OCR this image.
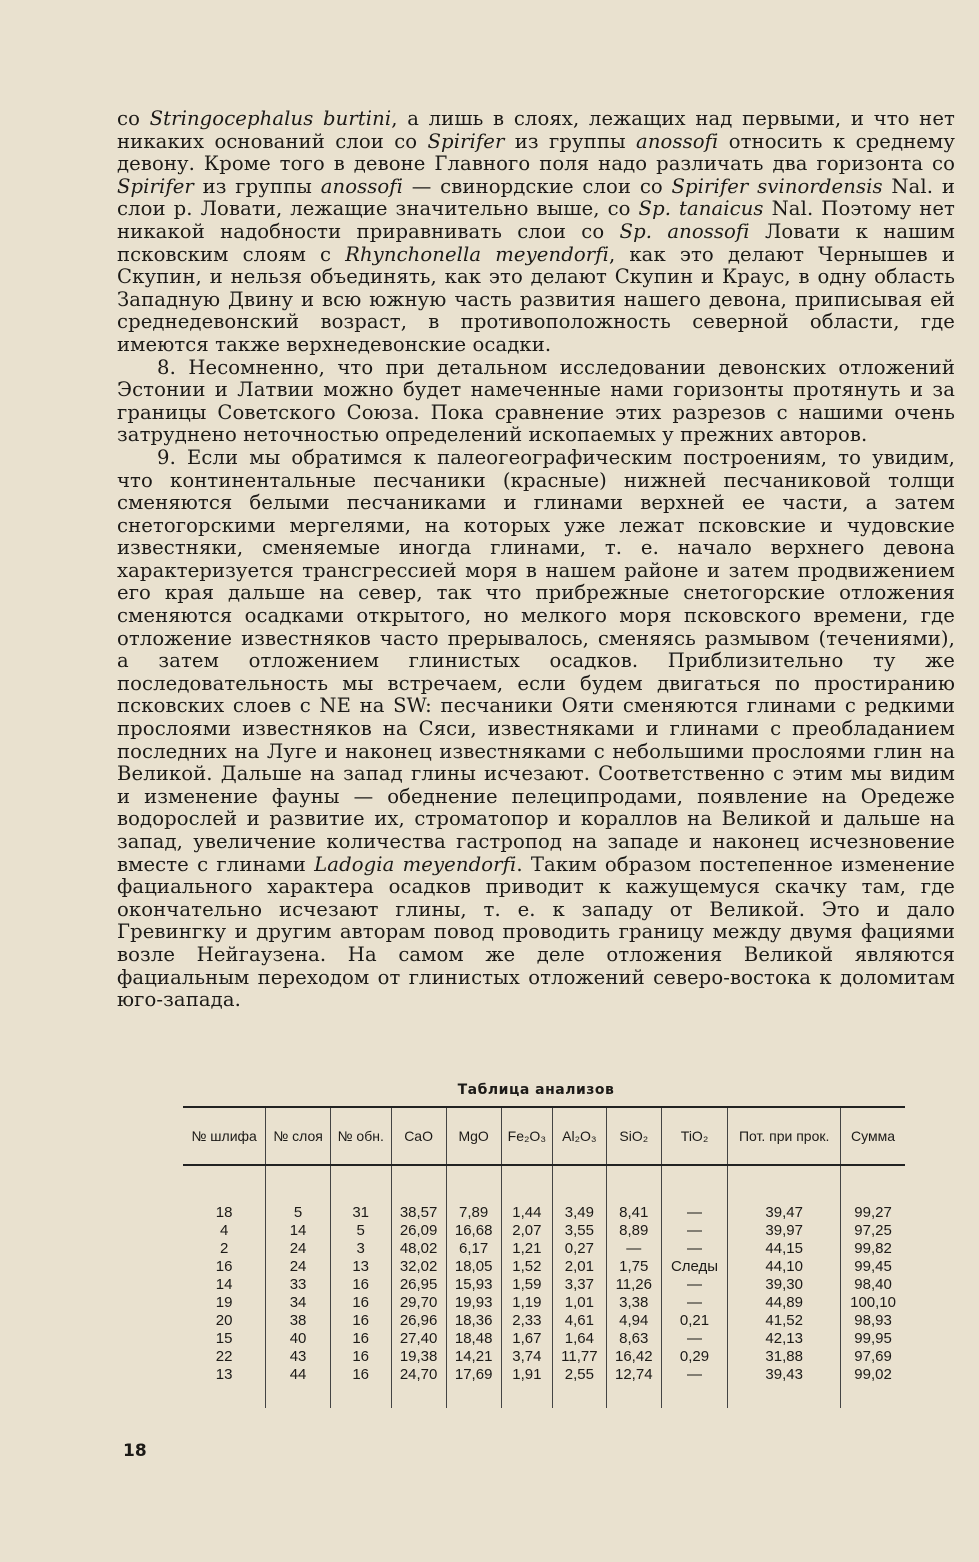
со Stringocephalus burtini, а лишь в слоях, лежащих над первыми, и что нет никаких оснований слои со Spirifer из группы anossofi относить к среднему девону. Кроме того в девоне Главного поля надо различать два горизонта со Spirifer из группы anossofi — свинордские слои со Spirifer svinordensis Nal. и слои р. Ловати, лежащие значительно выше, со Sp. tanaicus Nal. Поэтому нет никакой надобности приравнивать слои со Sp. anossofi Ловати к нашим псковским слоям с Rhynchonella meyendorfi, как это делают Чернышев и Скупин, и нельзя объединять, как это делают Скупин и Краус, в одну область Западную Двину и всю южную часть развития нашего девона, приписывая ей среднедевонский возраст, в противоположность северной области, где имеются также верхнедевонские осадки.

8. Несомненно, что при детальном исследовании девонских отложений Эстонии и Латвии можно будет намеченные нами горизонты протянуть и за границы Советского Союза. Пока сравнение этих разрезов с нашими очень затруднено неточностью определений ископаемых у прежних авторов.

9. Если мы обратимся к палеогеографическим построениям, то увидим, что континентальные песчаники (красные) нижней песчаниковой толщи сменяются белыми песчаниками и глинами верхней ее части, а затем снетогорскими мергелями, на которых уже лежат псковские и чудовские известняки, сменяемые иногда глинами, т. е. начало верхнего девона характеризуется трансгрессией моря в нашем районе и затем продвижением его края дальше на север, так что прибрежные снетогорские отложения сменяются осадками открытого, но мелкого моря псковского времени, где отложение известняков часто прерывалось, сменяясь размывом (течениями), а затем отложением глинистых осадков. Приблизительно ту же последовательность мы встречаем, если будем двигаться по простиранию псковских слоев с NE на SW: песчаники Ояти сменяются глинами с редкими прослоями известняков на Сяси, известняками и глинами с преобладанием последних на Луге и наконец известняками с небольшими прослоями глин на Великой. Дальше на запад глины исчезают. Соответственно с этим мы видим и изменение фауны — обеднение пелеципродами, появление на Оредеже водорослей и развитие их, строматопор и кораллов на Великой и дальше на запад, увеличение количества гастропод на западе и наконец исчезновение вместе с глинами Ladogia meyendorfi. Таким образом постепенное изменение фациального характера осадков приводит к кажущемуся скачку там, где окончательно исчезают глины, т. е. к западу от Великой. Это и дало Гревингку и другим авторам повод проводить границу между двумя фациями возле Нейгаузена. На самом же деле отложения Великой являются фациальным переходом от глинистых отложений северо-востока к доломитам юго-запада.

Таблица анализов
№ шлифа	№ слоя	№ обн.	CaO	MgO	Fe₂O₃	Al₂O₃	SiO₂	TiO₂	Пот. при прок.	Сумма

18	5	31	38,57	7,89	1,44	3,49	8,41	—	39,47	99,27
4	14	5	26,09	16,68	2,07	3,55	8,89	—	39,97	97,25
2	24	3	48,02	6,17	1,21	0,27	—	—	44,15	99,82
16	24	13	32,02	18,05	1,52	2,01	1,75	Следы	44,10	99,45
14	33	16	26,95	15,93	1,59	3,37	11,26	—	39,30	98,40
19	34	16	29,70	19,93	1,19	1,01	3,38	—	44,89	100,10
20	38	16	26,96	18,36	2,33	4,61	4,94	0,21	41,52	98,93
15	40	16	27,40	18,48	1,67	1,64	8,63	—	42,13	99,95
22	43	16	19,38	14,21	3,74	11,77	16,42	0,29	31,88	97,69
13	44	16	24,70	17,69	1,91	2,55	12,74	—	39,43	99,02

18
